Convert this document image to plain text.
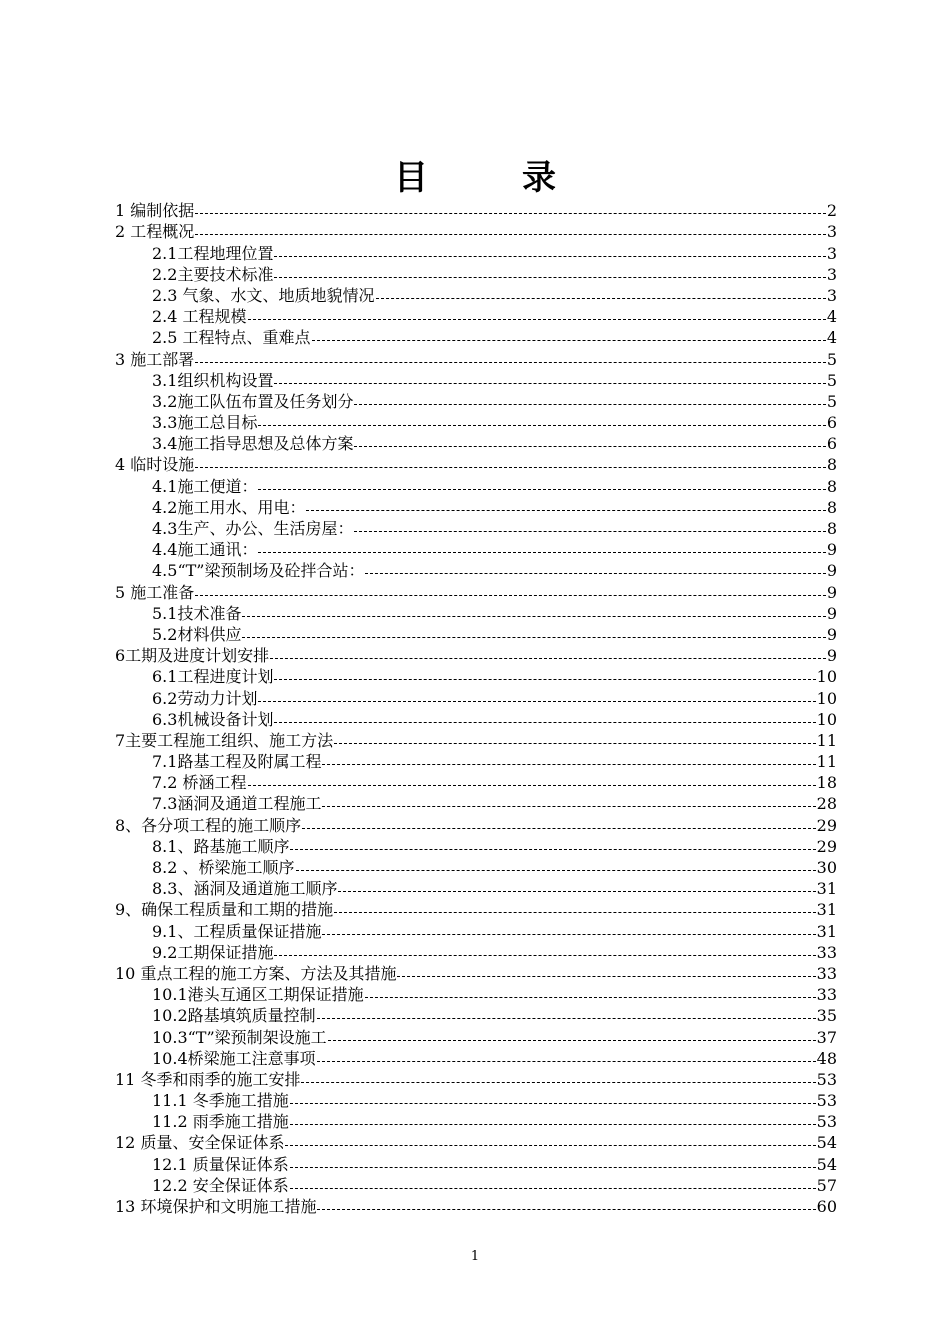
目　录
1 编制依据	2
2 工程概况	3
2.1工程地理位置	3
2.2主要技术标准	3
2.3 气象、水文、地质地貌情况	3
2.4 工程规模	4
2.5 工程特点、重难点	4
3 施工部署	5
3.1组织机构设置	5
3.2施工队伍布置及任务划分	5
3.3施工总目标	6
3.4施工指导思想及总体方案	6
4 临时设施	8
4.1施工便道：	8
4.2施工用水、用电：	8
4.3生产、办公、生活房屋：	8
4.4施工通讯：	9
4.5“T”梁预制场及砼拌合站：	9
5 施工准备	9
5.1技术准备	9
5.2材料供应	9
6工期及进度计划安排	9
6.1工程进度计划	10
6.2劳动力计划	10
6.3机械设备计划	10
7主要工程施工组织、施工方法	11
7.1路基工程及附属工程	11
7.2 桥涵工程	18
7.3涵洞及通道工程施工	28
8、各分项工程的施工顺序	29
8.1、路基施工顺序	29
8.2 、桥梁施工顺序	30
8.3、涵洞及通道施工顺序	31
9、确保工程质量和工期的措施	31
9.1、工程质量保证措施	31
9.2工期保证措施	33
10 重点工程的施工方案、方法及其措施	33
10.1港头互通区工期保证措施	33
10.2路基填筑质量控制	35
10.3“T”梁预制架设施工	37
10.4桥梁施工注意事项	48
11 冬季和雨季的施工安排	53
11.1 冬季施工措施	53
11.2 雨季施工措施	53
12 质量、安全保证体系	54
12.1 质量保证体系	54
12.2 安全保证体系	57
13 环境保护和文明施工措施	60
1
